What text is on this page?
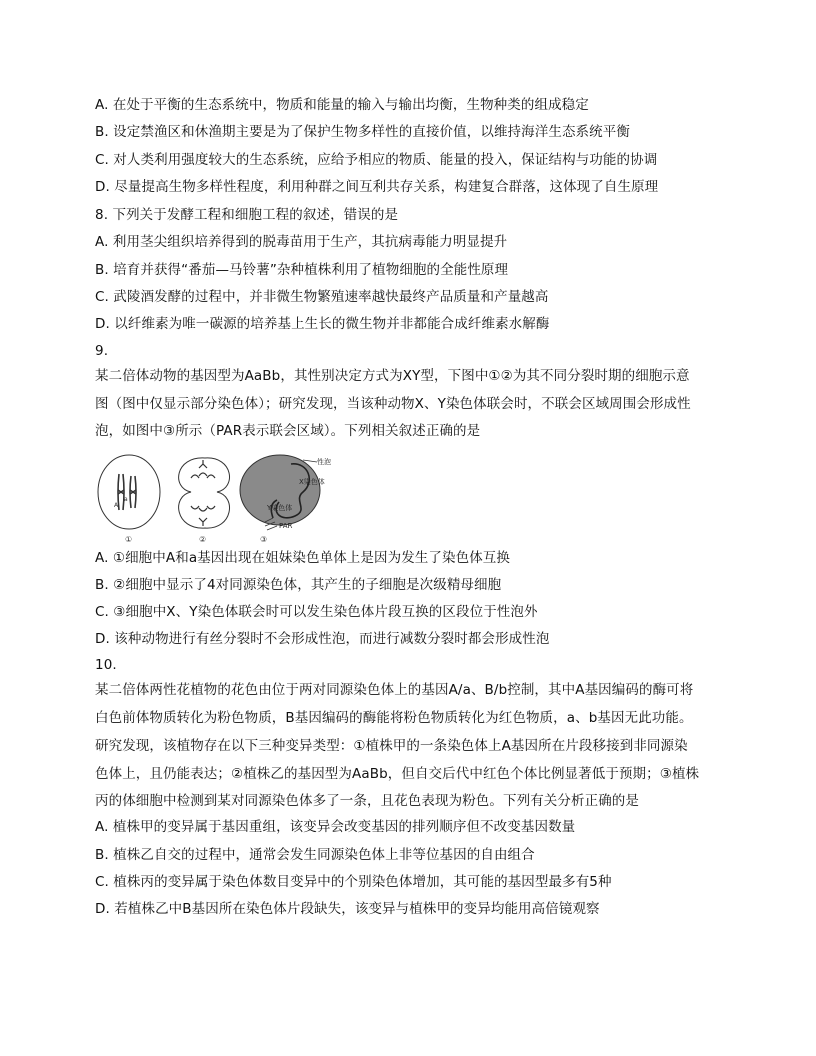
A. 在处于平衡的生态系统中，物质和能量的输入与输出均衡，生物种类的组成稳定
B. 设定禁渔区和休渔期主要是为了保护生物多样性的直接价值，以维持海洋生态系统平衡
C. 对人类利用强度较大的生态系统，应给予相应的物质、能量的投入，保证结构与功能的协调
D. 尽量提高生物多样性程度，利用种群之间互利共存关系，构建复合群落，这体现了自生原理
8. 下列关于发酵工程和细胞工程的叙述，错误的是
A. 利用茎尖组织培养得到的脱毒苗用于生产，其抗病毒能力明显提升
B. 培育并获得“番茄—马铃薯”杂种植株利用了植物细胞的全能性原理
C. 武陵酒发酵的过程中，并非微生物繁殖速率越快最终产品质量和产量越高
D. 以纤维素为唯一碳源的培养基上生长的微生物并非都能合成纤维素水解酶
9.
某二倍体动物的基因型为AaBb，其性别决定方式为XY型，下图中①②为其不同分裂时期的细胞示意
图（图中仅显示部分染色体）；研究发现，当该种动物X、Y染色体联会时，不联会区域周围会形成性
泡，如图中③所示（PAR表示联会区域）。下列相关叙述正确的是
A
a
①	②
性泡
X染色体
Y染色体
PAR
③
A. ①细胞中A和a基因出现在姐妹染色单体上是因为发生了染色体互换
B. ②细胞中显示了4对同源染色体，其产生的子细胞是次级精母细胞
C. ③细胞中X、Y染色体联会时可以发生染色体片段互换的区段位于性泡外
D. 该种动物进行有丝分裂时不会形成性泡，而进行减数分裂时都会形成性泡
10.
某二倍体两性花植物的花色由位于两对同源染色体上的基因A/a、B/b控制，其中A基因编码的酶可将
白色前体物质转化为粉色物质，B基因编码的酶能将粉色物质转化为红色物质，a、b基因无此功能。
研究发现，该植物存在以下三种变异类型：①植株甲的一条染色体上A基因所在片段移接到非同源染
色体上，且仍能表达；②植株乙的基因型为AaBb，但自交后代中红色个体比例显著低于预期；③植株
丙的体细胞中检测到某对同源染色体多了一条，且花色表现为粉色。下列有关分析正确的是
A. 植株甲的变异属于基因重组，该变异会改变基因的排列顺序但不改变基因数量
B. 植株乙自交的过程中，通常会发生同源染色体上非等位基因的自由组合
C. 植株丙的变异属于染色体数目变异中的个别染色体增加，其可能的基因型最多有5种
D. 若植株乙中B基因所在染色体片段缺失，该变异与植株甲的变异均能用高倍镜观察
